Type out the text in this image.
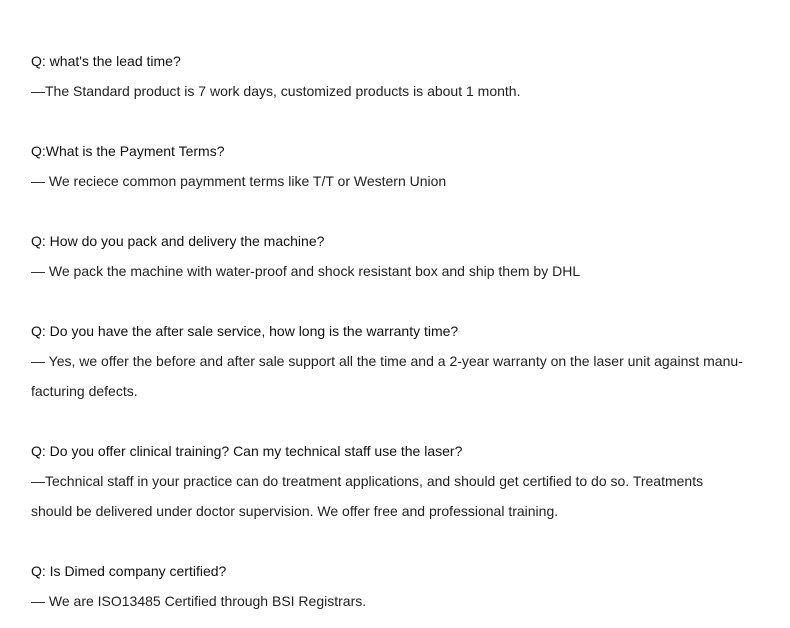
Q: what's the lead time?
—The Standard product is 7 work days, customized products is about 1 month.
Q:What is the Payment Terms?
— We reciece common paymment terms like T/T or Western Union
Q: How do you pack and delivery the machine?
— We pack the machine with water-proof and shock resistant box and ship them by DHL
Q: Do you have the after sale service, how long is the warranty time?
— Yes, we offer the before and after sale support all the time and a 2-year warranty on the laser unit against manu-
facturing defects.
Q: Do you offer clinical training? Can my technical staff use the laser?
—Technical staff in your practice can do treatment applications, and should get certified to do so. Treatments
should be delivered under doctor supervision. We offer free and professional training.
Q: Is Dimed company certified?
— We are ISO13485 Certified through BSI Registrars.
